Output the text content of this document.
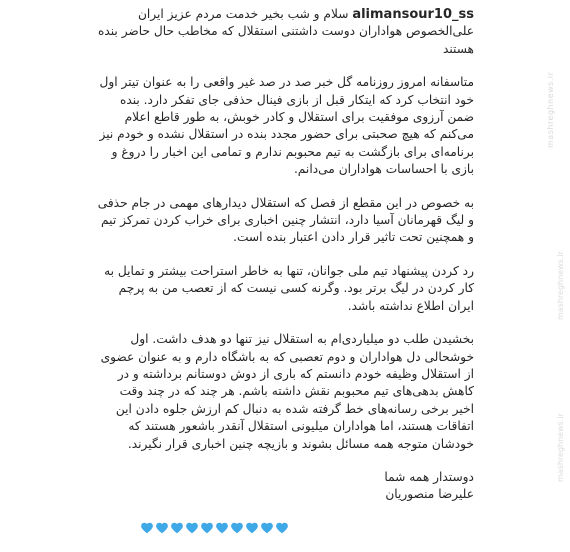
mashreghnews.ir
mashreghnews.ir
mashreghnews.ir

alimansour10_ss سلام و شب بخیر خدمت مردم عزیز ایران علی‌الخصوص هواداران دوست داشتنی استقلال که مخاطب حال حاضر بنده هستند

متاسفانه امروز روزنامه گل خبر صد در صد غیر واقعی را به عنوان تیتر اول خود انتخاب کرد که ایتکار قبل از بازی فینال حذفی جای تفکر دارد. بنده ضمن آرزوی موفقیت برای استقلال و کادر خوبش، به طور قاطع اعلام می‌کنم که هیچ صحبتی برای حضور مجدد بنده در استقلال نشده و خودم نیز برنامه‌ای برای بازگشت به تیم محبوبم ندارم و تمامی این اخبار را دروغ و بازی با احساسات هواداران می‌دانم.

به خصوص در این مقطع از فصل که استقلال دیدارهای مهمی در جام حذفی و لیگ قهرمانان آسیا دارد، انتشار چنین اخباری برای خراب کردن تمرکز تیم و همچنین تحت تاثیر قرار دادن اعتبار بنده است.

رد کردن پیشنهاد تیم ملی جوانان، تنها به خاطر استراحت بیشتر و تمایل به کار کردن در لیگ برتر بود. وگرنه کسی نیست که از تعصب من به پرچم ایران اطلاع نداشته باشد.

بخشیدن طلب دو میلیاردی‌ام به استقلال نیز تنها دو هدف داشت. اول خوشحالی دل هواداران و دوم تعصبی که به باشگاه دارم و به عنوان عضوی از استقلال وظیفه خودم دانستم که باری از دوش دوستانم برداشته و در کاهش بدهی‌های تیم محبوبم نقش داشته باشم. هر چند که در چند وقت اخیر برخی رسانه‌های خط گرفته شده به دنبال کم ارزش جلوه دادن این اتفاقات هستند، اما هواداران میلیونی استقلال آنقدر باشعور هستند که خودشان متوجه همه مسائل بشوند و بازیچه چنین اخباری قرار نگیرند.

دوستدار همه شما

علیرضا منصوریان
